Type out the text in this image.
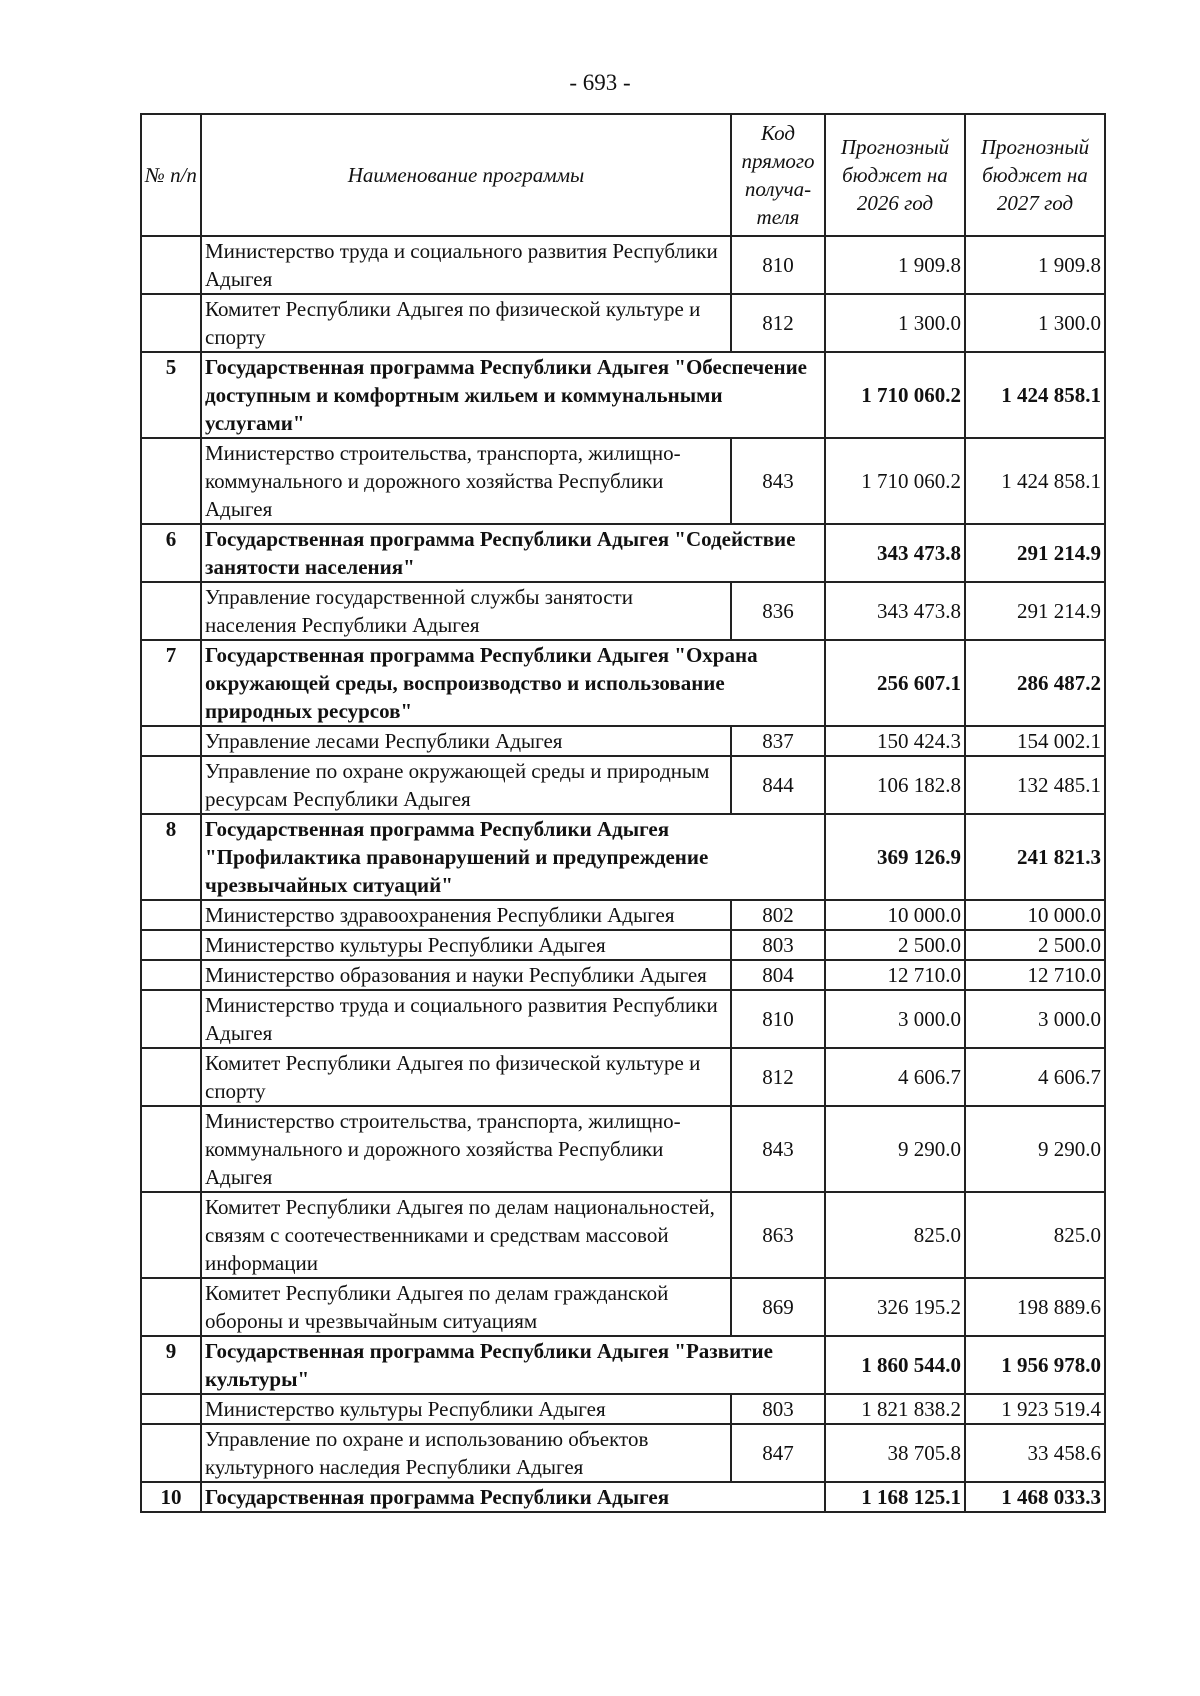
- 693 -
№ п/п	Наименование программы	Код прямого получа-теля	Прогнозный бюджет на 2026 год	Прогнозный бюджет на 2027 год
	Министерство труда и социального развития Республики Адыгея	810	1 909.8	1 909.8
	Комитет Республики Адыгея по физической культуре и спорту	812	1 300.0	1 300.0
5	Государственная программа Республики Адыгея "Обеспечение доступным и комфортным жильем и коммунальными услугами"		1 710 060.2	1 424 858.1
	Министерство строительства, транспорта, жилищно-коммунального и дорожного хозяйства Республики Адыгея	843	1 710 060.2	1 424 858.1
6	Государственная программа Республики Адыгея "Содействие занятости населения"		343 473.8	291 214.9
	Управление государственной службы занятости населения Республики Адыгея	836	343 473.8	291 214.9
7	Государственная программа Республики Адыгея "Охрана окружающей среды, воспроизводство и использование природных ресурсов"		256 607.1	286 487.2
	Управление лесами Республики Адыгея	837	150 424.3	154 002.1
	Управление по охране окружающей среды и природным ресурсам Республики Адыгея	844	106 182.8	132 485.1
8	Государственная программа Республики Адыгея "Профилактика правонарушений и предупреждение чрезвычайных ситуаций"		369 126.9	241 821.3
	Министерство здравоохранения Республики Адыгея	802	10 000.0	10 000.0
	Министерство культуры Республики Адыгея	803	2 500.0	2 500.0
	Министерство образования и науки Республики Адыгея	804	12 710.0	12 710.0
	Министерство труда и социального развития Республики Адыгея	810	3 000.0	3 000.0
	Комитет Республики Адыгея по физической культуре и спорту	812	4 606.7	4 606.7
	Министерство строительства, транспорта, жилищно-коммунального и дорожного хозяйства Республики Адыгея	843	9 290.0	9 290.0
	Комитет Республики Адыгея по делам национальностей, связям с соотечественниками и средствам массовой информации	863	825.0	825.0
	Комитет Республики Адыгея по делам гражданской обороны и чрезвычайным ситуациям	869	326 195.2	198 889.6
9	Государственная программа Республики Адыгея "Развитие культуры"		1 860 544.0	1 956 978.0
	Министерство культуры Республики Адыгея	803	1 821 838.2	1 923 519.4
	Управление по охране и использованию объектов культурного наследия Республики Адыгея	847	38 705.8	33 458.6
10	Государственная программа Республики Адыгея		1 168 125.1	1 468 033.3
